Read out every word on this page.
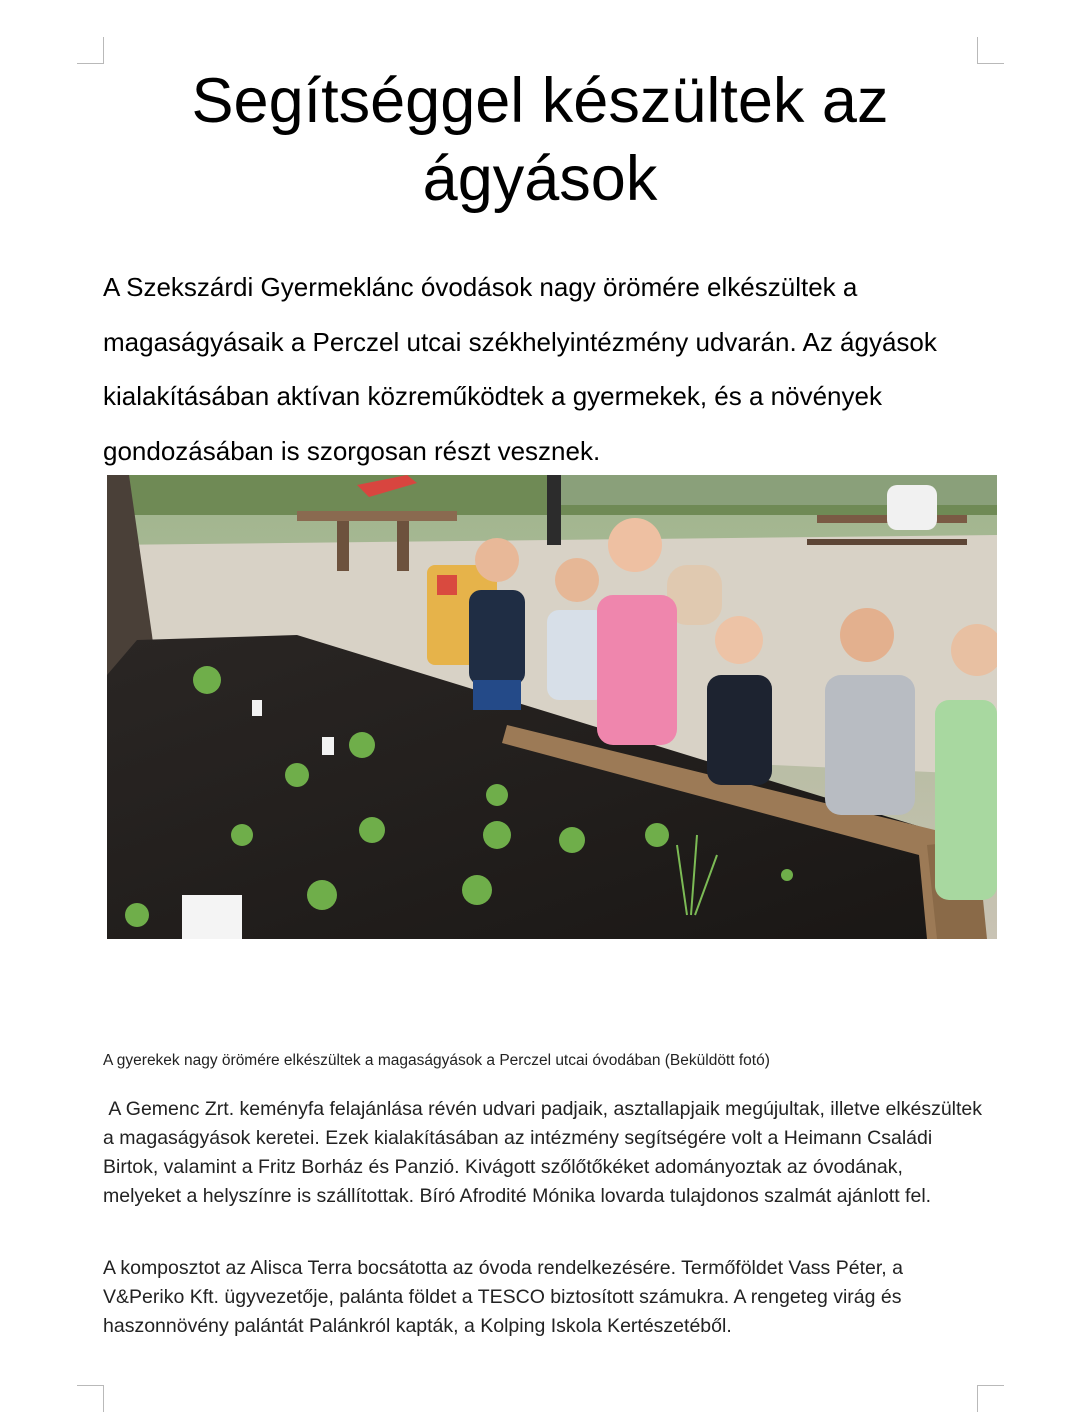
Segítséggel készültek az ágyások

A Szekszárdi Gyermeklánc óvodások nagy örömére elkészültek a magaságyásaik a Perczel utcai székhelyintézmény udvarán. Az ágyások kialakításában aktívan közreműködtek a gyermekek, és a növények gondozásában is szorgosan részt vesznek.

A gyerekek nagy örömére elkészültek a magaságyások a Perczel utcai óvodában (Beküldött fotó)

A Gemenc Zrt. keményfa felajánlása révén udvari padjaik, asztallapjaik megújultak, illetve elkészültek a magaságyások keretei. Ezek kialakításában az intézmény segítségére volt a Heimann Családi Birtok, valamint a Fritz Borház és Panzió. Kivágott szőlőtőkéket adományoztak az óvodának, melyeket a helyszínre is szállítottak. Bíró Afrodité Mónika lovarda tulajdonos szalmát ajánlott fel.

A komposztot az Alisca Terra bocsátotta az óvoda rendelkezésére. Termőföldet Vass Péter, a V&Periko Kft. ügyvezetője, palánta földet a TESCO biztosított számukra. A rengeteg virág és haszonnövény palántát Palánkról kapták, a Kolping Iskola Kertészetéből.
